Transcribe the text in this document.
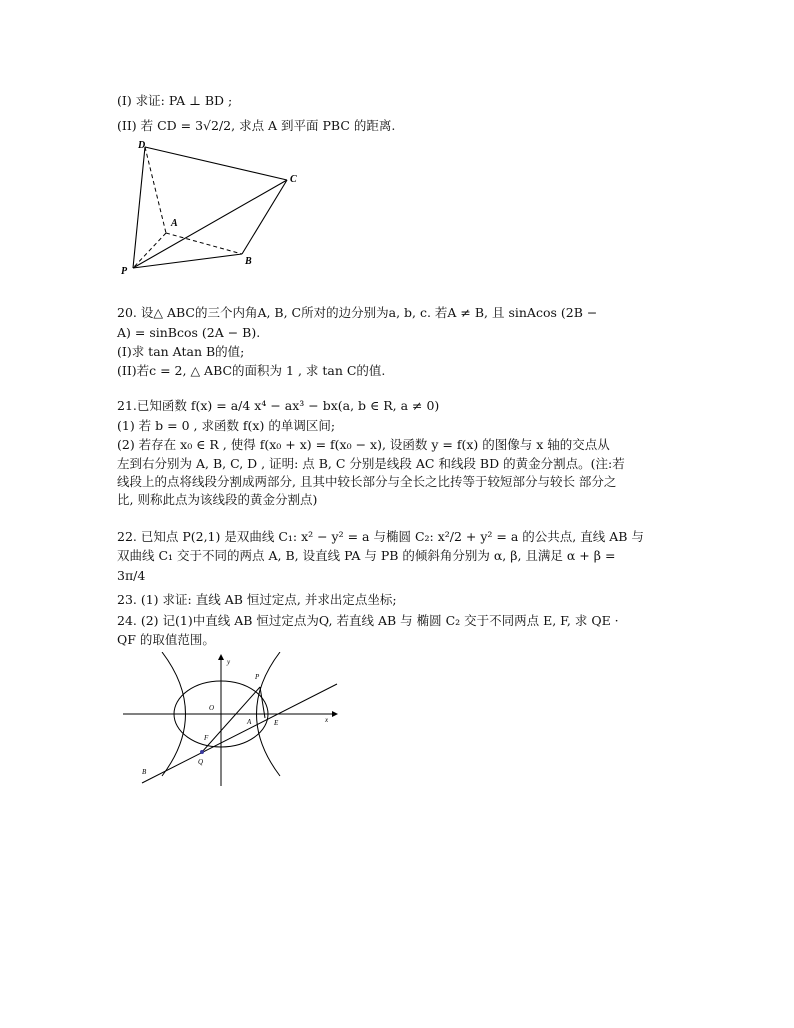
(I) 求证: PA ⊥ BD ;
(II) 若 CD = 3√2/2, 求点 A 到平面 PBC 的距离.
D
C
A
P
B
20. 设△ ABC的三个内角A, B, C所对的边分别为a, b, c. 若A ≠ B, 且 sinAcos (2B −
A) = sinBcos (2A − B).
(I)求 tan Atan B的值;
(II)若c = 2, △ ABC的面积为 1 , 求 tan C的值.
21.已知函数 f(x) = a/4 x⁴ − ax³ − bx(a, b ∈ R, a ≠ 0)
(1) 若 b = 0 , 求函数 f(x) 的单调区间;
(2) 若存在 x₀ ∈ R , 使得 f(x₀ + x) = f(x₀ − x), 设函数 y = f(x) 的图像与 x 轴的交点从
左到右分别为 A, B, C, D , 证明: 点 B, C 分别是线段 AC 和线段 BD 的黄金分割点。(注:若
线段上的点将线段分割成两部分, 且其中较长部分与全长之比抟等于较短部分与较长 部分之
比, 则称此点为该线段的黄金分割点)
22. 已知点 P(2,1) 是双曲线 C₁: x² − y² = a 与椭圆 C₂: x²/2 + y² = a 的公共点, 直线 AB 与
双曲线 C₁ 交于不同的两点 A, B, 设直线 PA 与 PB 的倾斜角分别为 α, β, 且满足 α + β =
3π/4
23. (1) 求证: 直线 AB 恒过定点, 并求出定点坐标;
24. (2) 记(1)中直线 AB 恒过定点为Q, 若直线 AB 与 椭圆 C₂ 交于不同两点 E, F, 求 QE ·
QF 的取值范围。
y
x
O
P
A	E
F
Q
B
